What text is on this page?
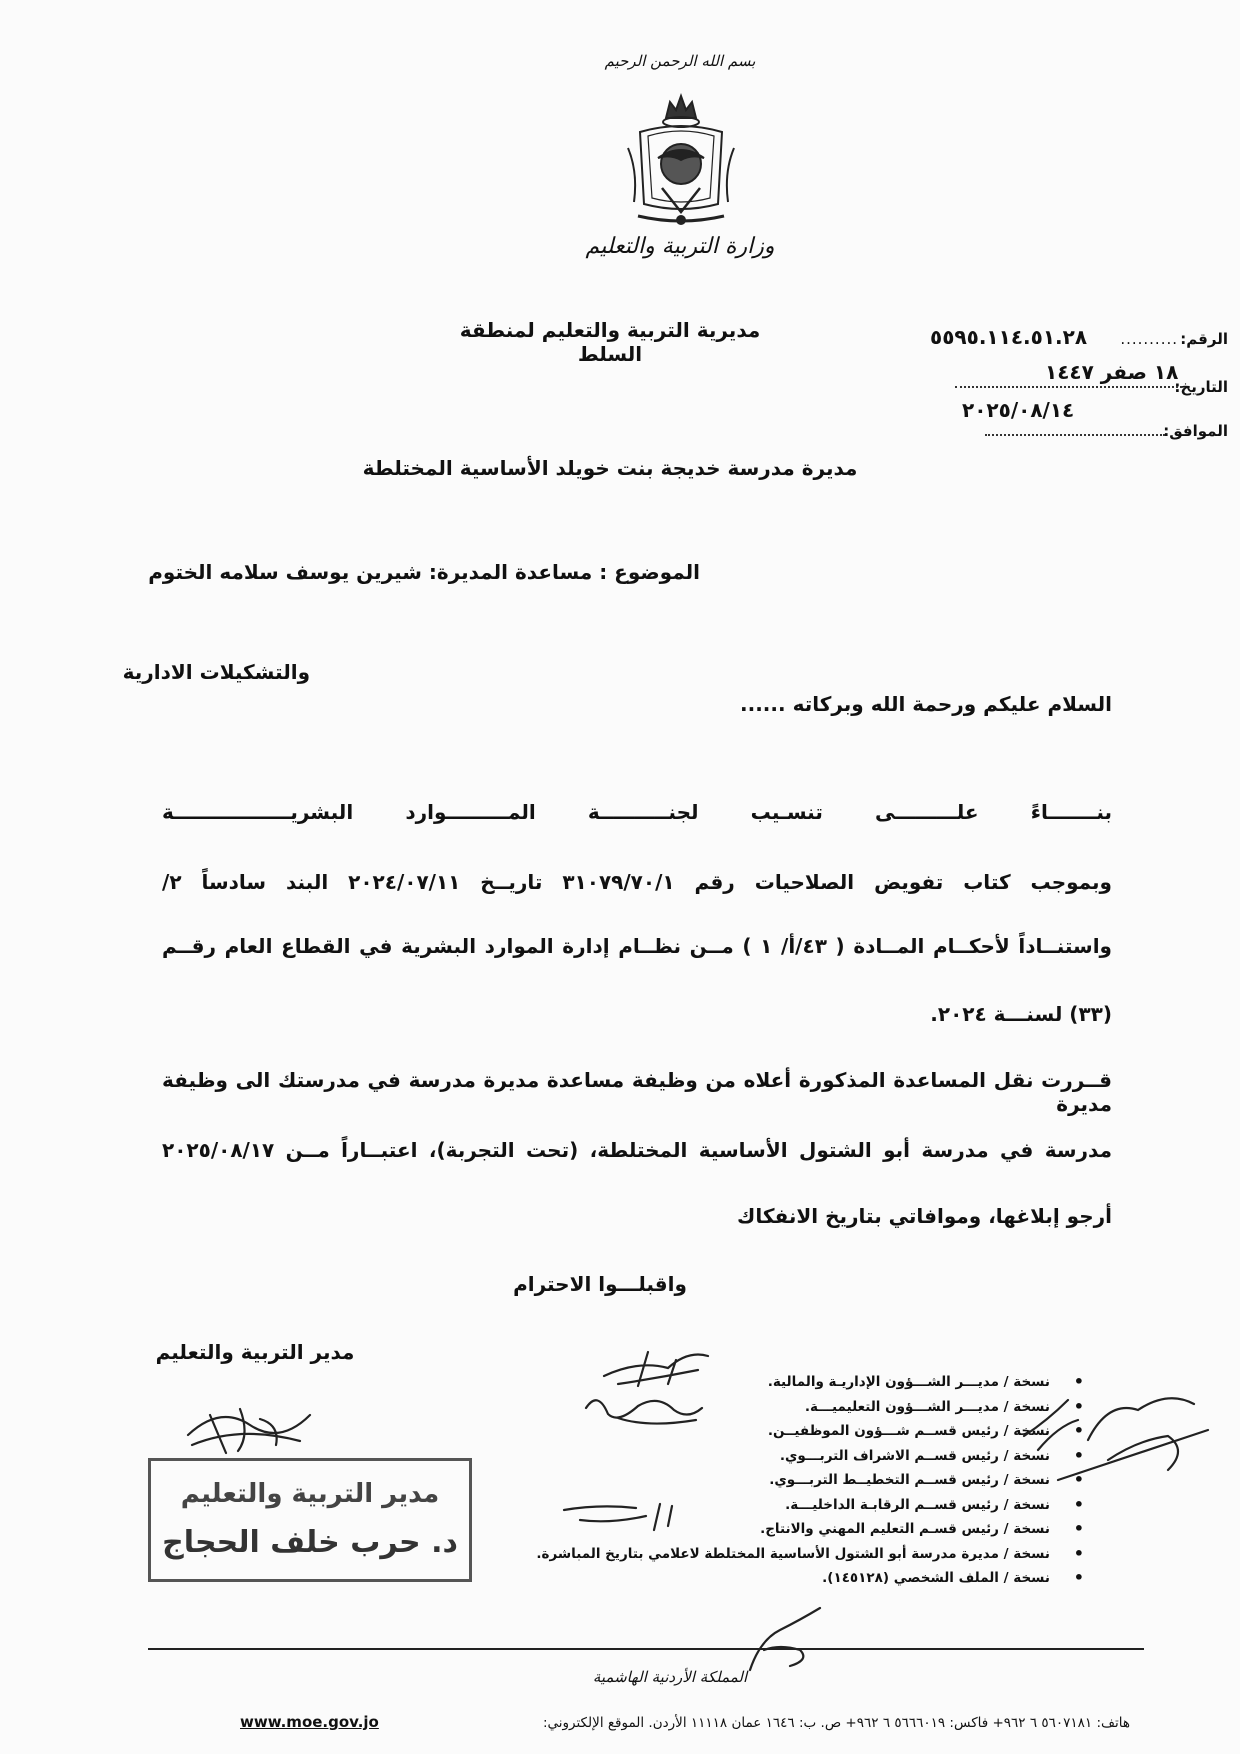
بسم الله الرحمن الرحيم
وزارة التربية والتعليم
مديرية التربية والتعليم لمنطقة السلط
الرقم:
..........
٥٥٩٥.١١٤.٥١.٢٨
التاريخ:
١٨ صفر ١٤٤٧
٢٠٢٥/٠٨/١٤
الموافق:
مديرة مدرسة خديجة بنت خويلد الأساسية المختلطة
الموضوع : مساعدة المديرة: شيرين يوسف سلامه الختوم
والتشكيلات الادارية
السلام عليكم ورحمة الله وبركاته ......
بنـــــــاءً علـــــــــى تنسـيب لجنــــــــــة المـــــــــوارد البشريـــــــــــــــــة
وبموجب كتاب تفويض الصلاحيات رقم ٣١٠٧٩/٧٠/١ تاريــخ ٢٠٢٤/٠٧/١١ البند سادساً ٢/
واستنــاداً لأحكــام المــادة ( ٤٣/أ/ ١ ) مــن نظــام إدارة الموارد البشرية في القطاع العام رقــم
(٣٣) لسنـــة ٢٠٢٤.
قــررت نقل المساعدة المذكورة أعلاه من وظيفة مساعدة مديرة مدرسة في مدرستك الى وظيفة مديرة
مدرسة في مدرسة أبو الشتول الأساسية المختلطة، (تحت التجربة)، اعتبــاراً مــن ٢٠٢٥/٠٨/١٧
أرجو إبلاغها، وموافاتي بتاريخ الانفكاك
واقبلـــوا الاحترام
مدير التربية والتعليم
• نسخة / مديـــر الشـــؤون الإداريـة والمالية.
• نسخة / مديـــر الشـــؤون التعليميـــة.
• نسخة / رئيس قســم شـــؤون الموظفيــن.
• نسخة / رئيس قســم الاشراف التربـــوي.
• نسخة / رئيس قســم التخطيــط التربـــوي.
• نسخة / رئيس قســم الرقابـة الداخليـــة.
• نسخة / رئيس قسـم التعليم المهني والانتاج.
• نسخة / مديرة مدرسة أبو الشتول الأساسية المختلطة لاعلامي بتاريخ المباشرة.
• نسخة / الملف الشخصي (١٤٥١٢٨).
مدير التربية والتعليم
د. حرب خلف الحجاج
المملكة الأردنية الهاشمية
هاتف: ٥٦٠٧١٨١ ٦ ٩٦٢+ فاكس: ٥٦٦٦٠١٩ ٦ ٩٦٢+ ص. ب: ١٦٤٦ عمان ١١١١٨ الأردن. الموقع الإلكتروني:
www.moe.gov.jo
